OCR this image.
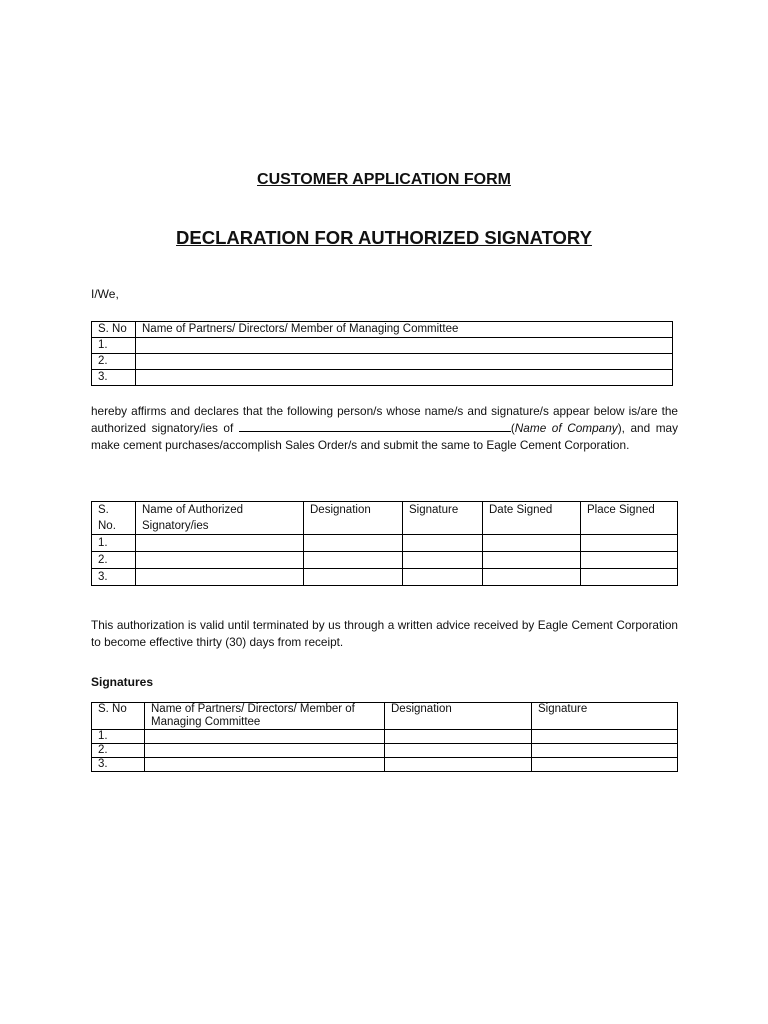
CUSTOMER APPLICATION FORM
DECLARATION FOR AUTHORIZED SIGNATORY
I/We,
S. No	Name of Partners/ Directors/ Member of Managing Committee
1.	
2.	
3.	
hereby affirms and declares that the following person/s whose name/s and signature/s appear below is/are the authorized signatory/ies of	(Name of Company), and may make cement purchases/accomplish Sales Order/s and submit the same to Eagle Cement Corporation.
S. No.	Name of Authorized Signatory/ies	Designation	Signature	Date Signed	Place Signed
1.					
2.					
3.					
This authorization is valid until terminated by us through a written advice received by Eagle Cement Corporation to become effective thirty (30) days from receipt.
Signatures
S. No	Name of Partners/ Directors/ Member of Managing Committee	Designation	Signature
1.			
2.			
3.			
